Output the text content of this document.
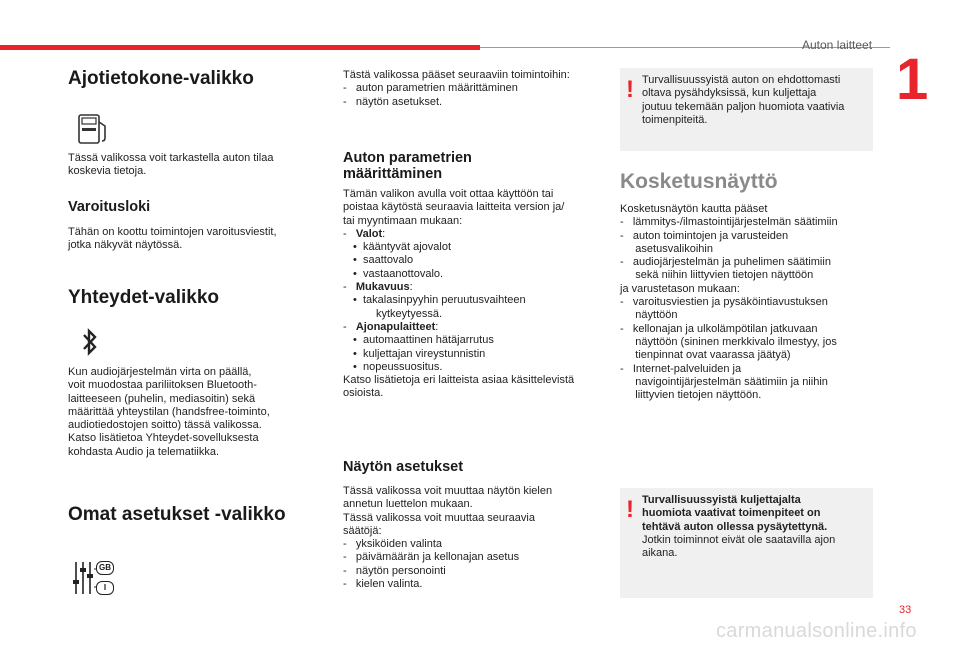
Auton laitteet
1
Ajotietokone-valikko
Tässä valikossa voit tarkastella auton tilaa
koskevia tietoja.
Varoitusloki
Tähän on koottu toimintojen varoitusviestit,
jotka näkyvät näytössä.
Yhteydet-valikko
Kun audiojärjestelmän virta on päällä,
voit muodostaa pariliitoksen Bluetooth-
laitteeseen (puhelin, mediasoitin) sekä
määrittää yhteystilan (handsfree-toiminto,
audiotiedostojen soitto) tässä valikossa.
Katso lisätietoa Yhteydet-sovelluksesta
kohdasta Audio ja telematiikka.
Omat asetukset -valikko
GB
I
Tästä valikossa pääset seuraaviin toimintoihin:
-   auton parametrien määrittäminen
-   näytön asetukset.
Auton parametrien
määrittäminen
Tämän valikon avulla voit ottaa käyttöön tai
poistaa käytöstä seuraavia laitteita version ja/
tai myyntimaan mukaan:
-   Valot:
•  kääntyvät ajovalot
•  saattovalo
•  vastaanottovalo.
-   Mukavuus:
•  takalasinpyyhin peruutusvaihteen
kytkeytyessä.
-   Ajonapulaitteet:
•  automaattinen hätäjarrutus
•  kuljettajan vireystunnistin
•  nopeussuositus.
Katso lisätietoja eri laitteista asiaa käsittelevistä
osioista.
Näytön asetukset
Tässä valikossa voit muuttaa näytön kielen
annetun luettelon mukaan.
Tässä valikossa voit muuttaa seuraavia
säätöjä:
-   yksiköiden valinta
-   päivämäärän ja kellonajan asetus
-   näytön personointi
-   kielen valinta.
! Turvallisuussyistä auton on ehdottomasti
oltava pysähdyksissä, kun kuljettaja
joutuu tekemään paljon huomiota vaativia
toimenpiteitä.
Kosketusnäyttö
Kosketusnäytön kautta pääset
-   lämmitys-/ilmastointijärjestelmän säätimiin
-   auton toimintojen ja varusteiden
asetusvalikoihin
-   audiojärjestelmän ja puhelimen säätimiin
sekä niihin liittyvien tietojen näyttöön
ja varustetason mukaan:
-   varoitusviestien ja pysäköintiavustuksen
näyttöön
-   kellonajan ja ulkolämpötilan jatkuvaan
näyttöön (sininen merkkivalo ilmestyy, jos
tienpinnat ovat vaarassa jäätyä)
-   Internet-palveluiden ja
navigointijärjestelmän säätimiin ja niihin
liittyvien tietojen näyttöön.
! Turvallisuussyistä kuljettajalta
huomiota vaativat toimenpiteet on
tehtävä auton ollessa pysäytettynä.
Jotkin toiminnot eivät ole saatavilla ajon
aikana.
33
carmanualsonline.info
